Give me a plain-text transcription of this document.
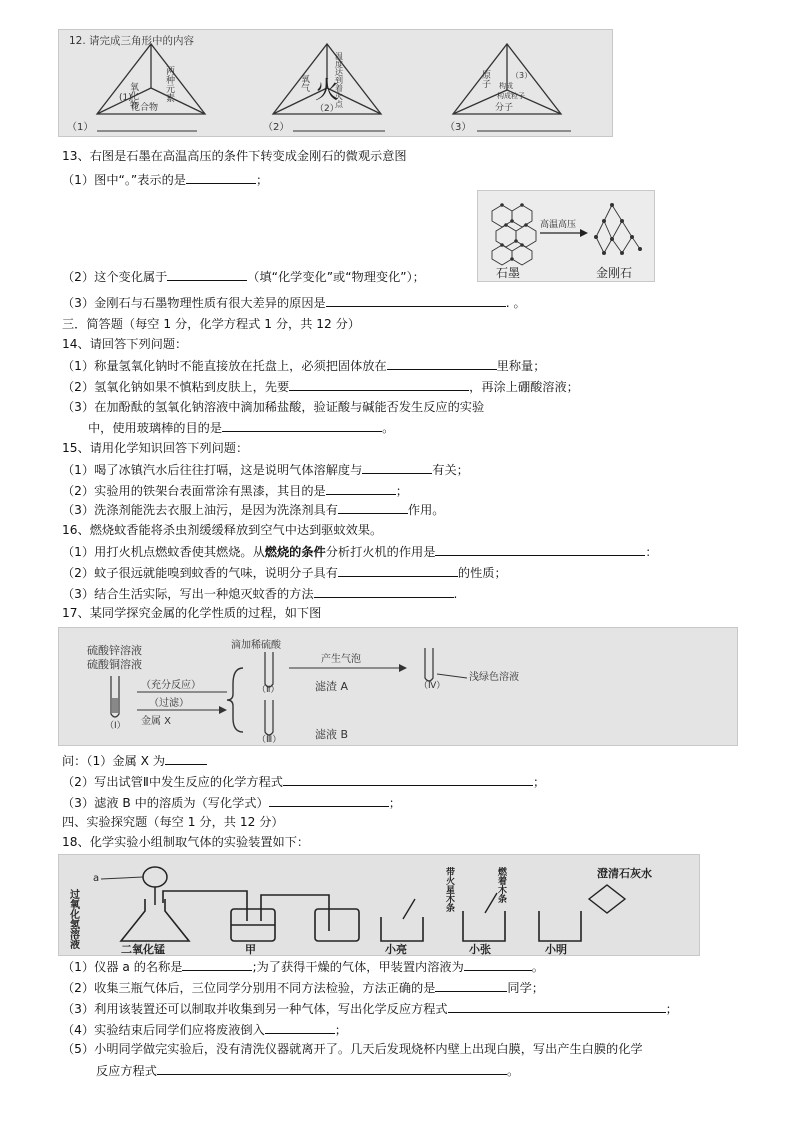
12. 请完成三角形中的内容
(1)
氧化物	两种元素
化合物
（1）
火
氧气	温度达到着火点
（2）
（2）
原子	（3）
构成
构成粒子
分子
（3）
13、右图是石墨在高温高压的条件下转变成金刚石的微观示意图
（1）图中“。”表示的是	；
高温高压
石墨	金刚石
（2）这个变化属于	（填“化学变化”或“物理变化”）；
（3）金刚石与石墨物理性质有很大差异的原因是	. 。
三．简答题（每空 1 分，化学方程式 1 分，共 12 分）
14、请回答下列问题：
（1）称量氢氧化钠时不能直接放在托盘上，必须把固体放在	里称量；
（2）氢氧化钠如果不慎粘到皮肤上，先要	，再涂上硼酸溶液；
（3）在加酚酞的氢氧化钠溶液中滴加稀盐酸，验证酸与碱能否发生反应的实验
中，使用玻璃棒的目的是	。
15、请用化学知识回答下列问题：
（1）喝了冰镇汽水后往往打嗝，这是说明气体溶解度与	有关；
（2）实验用的铁架台表面常涂有黑漆，其目的是	；
（3）洗涤剂能洗去衣服上油污，是因为洗涤剂具有	作用。
16、燃烧蚊香能将杀虫剂缓缓释放到空气中达到驱蚊效果。
（1）用打火机点燃蚊香使其燃烧。从燃烧的条件分析打火机的作用是	：
（2）蚊子很远就能嗅到蚊香的气味，说明分子具有	的性质；
（3）结合生活实际，写出一种熄灭蚊香的方法	.
17、某同学探究金属的化学性质的过程，如下图
硫酸锌溶液
硫酸铜溶液
（Ⅰ）
（充分反应）
（过滤）
金属 X
滴加稀硫酸
（Ⅱ）	滤渣 A
产生气泡
（Ⅳ）
浅绿色溶液
（Ⅲ）	滤液 B
问：（1）金属 X 为
（2）写出试管Ⅱ中发生反应的化学方程式	；
（3）滤液 B 中的溶质为（写化学式）	；
四、实验探究题（每空 1 分，共 12 分）
18、化学实验小组制取气体的实验装置如下：
a
过氧化氢溶液
二氧化锰	甲
带火星木条
小亮
燃着木条
小张
澄清石灰水
小明
（1）仪器 a 的名称是	;为了获得干燥的气体，甲装置内溶液为	。
（2）收集三瓶气体后，三位同学分别用不同方法检验，方法正确的是	同学；
（3）利用该装置还可以制取并收集到另一种气体，写出化学反应方程式	；
（4）实验结束后同学们应将废液倒入	；
（5）小明同学做完实验后，没有清洗仪器就离开了。几天后发现烧杯内壁上出现白膜，写出产生白膜的化学
反应方程式	。
